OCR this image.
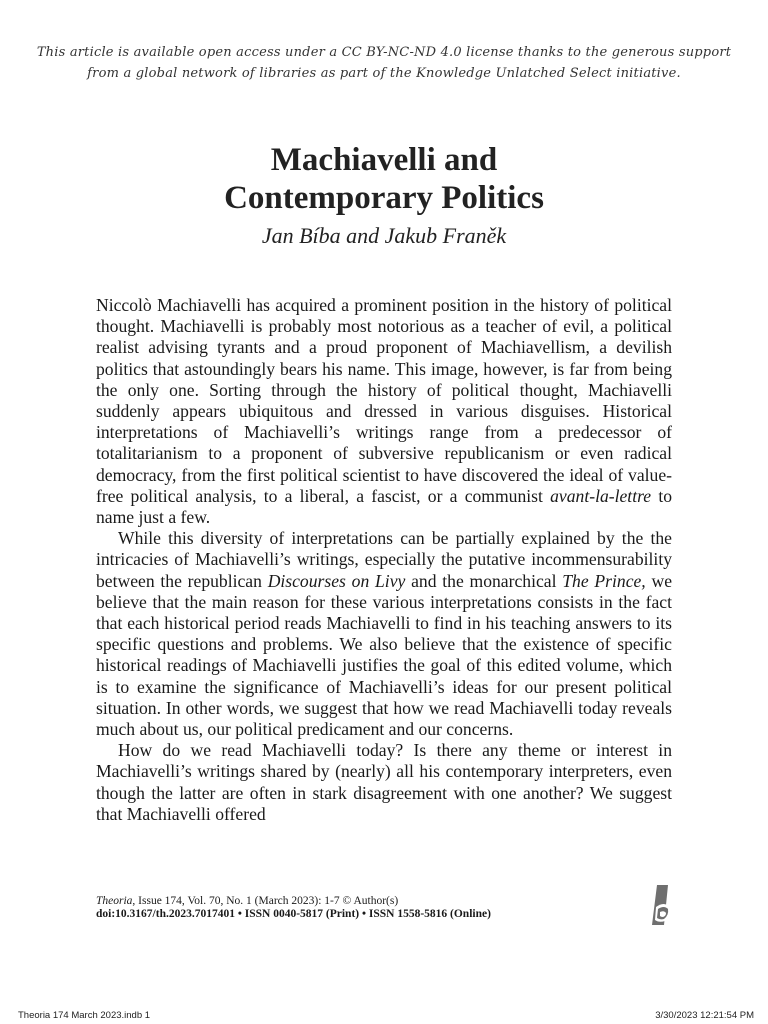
This article is available open access under a CC BY-NC-ND 4.0 license thanks to the generous support
from a global network of libraries as part of the Knowledge Unlatched Select initiative.
Machiavelli and
Contemporary Politics
Jan Bíba and Jakub Franěk

Niccolò Machiavelli has acquired a prominent position in the history of political thought. Machiavelli is probably most notorious as a teacher of evil, a political realist advising tyrants and a proud proponent of Machiavellism, a devilish politics that astoundingly bears his name. This image, however, is far from being the only one. Sorting through the history of political thought, Machiavelli suddenly appears ubiquitous and dressed in various disguises. Historical interpretations of Machiavelli’s writings range from a predecessor of totalitarianism to a proponent of subversive republicanism or even radical democracy, from the first political scientist to have discovered the ideal of value-free political analysis, to a liberal, a fascist, or a communist avant-la-lettre to name just a few.

While this diversity of interpretations can be partially explained by the the intricacies of Machiavelli’s writings, especially the putative incommensurability between the republican Discourses on Livy and the monarchical The Prince, we believe that the main reason for these various interpretations consists in the fact that each historical period reads Machiavelli to find in his teaching answers to its specific questions and problems. We also believe that the existence of specific historical readings of Machiavelli justifies the goal of this edited volume, which is to examine the significance of Machiavelli’s ideas for our present political situation. In other words, we suggest that how we read Machiavelli today reveals much about us, our political predicament and our concerns.

How do we read Machiavelli today? Is there any theme or interest in Machiavelli’s writings shared by (nearly) all his contemporary interpreters, even though the latter are often in stark disagreement with one another? We suggest that Machiavelli offered

Theoria, Issue 174, Vol. 70, No. 1 (March 2023): 1-7 © Author(s)
doi:10.3167/th.2023.7017401 • ISSN 0040-5817 (Print) • ISSN 1558-5816 (Online)
Theoria 174 March 2023.indb 1	3/30/2023 12:21:54 PM
